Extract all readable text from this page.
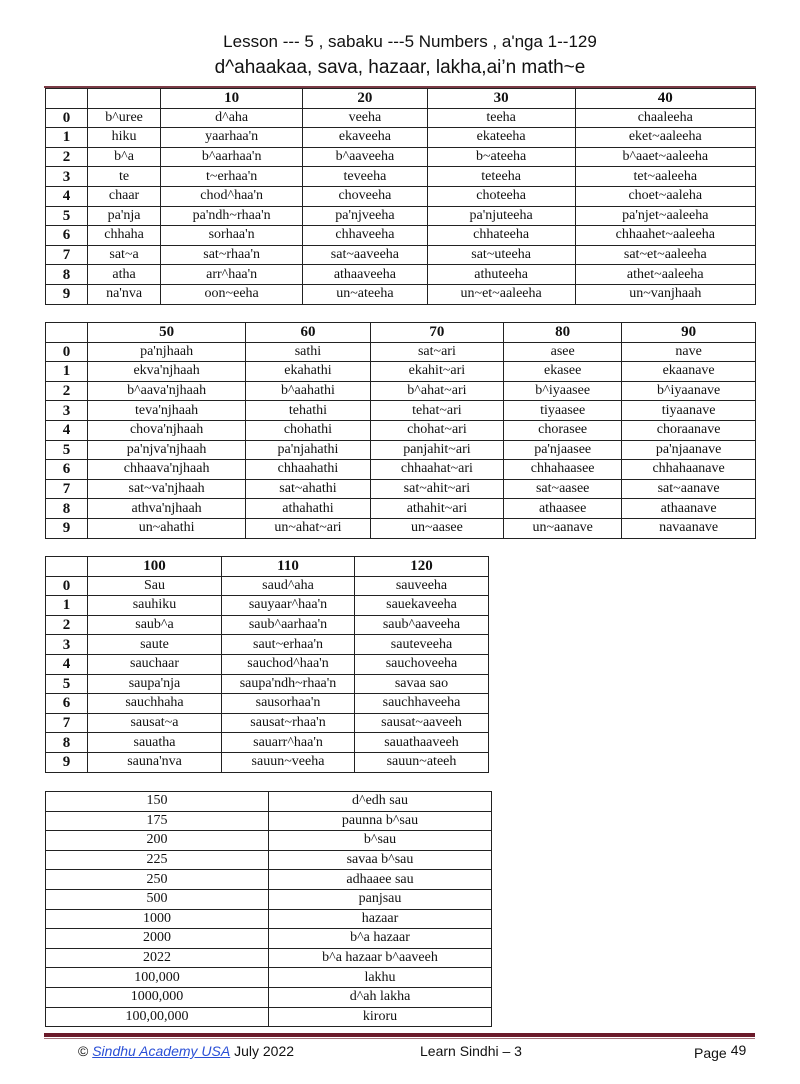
Lesson --- 5 , sabaku ---5 Numbers , a'nga 1--129
d^ahaakaa, sava, hazaar, lakha,ai’n math~e
		10	20	30	40
0	b^uree	d^aha	veeha	teeha	chaaleeha
1	hiku	yaarhaa'n	ekaveeha	ekateeha	eket~aaleeha
2	b^a	b^aarhaa'n	b^aaveeha	b~ateeha	b^aaet~aaleeha
3	te	t~erhaa'n	teveeha	teteeha	tet~aaleeha
4	chaar	chod^haa'n	choveeha	choteeha	choet~aaleha
5	pa'nja	pa'ndh~rhaa'n	pa'njveeha	pa'njuteeha	pa'njet~aaleeha
6	chhaha	sorhaa'n	chhaveeha	chhateeha	chhaahet~aaleeha
7	sat~a	sat~rhaa'n	sat~aaveeha	sat~uteeha	sat~et~aaleeha
8	atha	arr^haa'n	athaaveeha	athuteeha	athet~aaleeha
9	na'nva	oon~eeha	un~ateeha	un~et~aaleeha	un~vanjhaah
	50	60	70	80	90
0	pa'njhaah	sathi	sat~ari	asee	nave
1	ekva'njhaah	ekahathi	ekahit~ari	ekasee	ekaanave
2	b^aava'njhaah	b^aahathi	b^ahat~ari	b^iyaasee	b^iyaanave
3	teva'njhaah	tehathi	tehat~ari	tiyaasee	tiyaanave
4	chova'njhaah	chohathi	chohat~ari	chorasee	choraanave
5	pa'njva'njhaah	pa'njahathi	panjahit~ari	pa'njaasee	pa'njaanave
6	chhaava'njhaah	chhaahathi	chhaahat~ari	chhahaasee	chhahaanave
7	sat~va'njhaah	sat~ahathi	sat~ahit~ari	sat~aasee	sat~aanave
8	athva'njhaah	athahathi	athahit~ari	athaasee	athaanave
9	un~ahathi	un~ahat~ari	un~aasee	un~aanave	navaanave
	100	110	120
0	Sau	saud^aha	sauveeha
1	sauhiku	sauyaar^haa'n	sauekaveeha
2	saub^a	saub^aarhaa'n	saub^aaveeha
3	saute	saut~erhaa'n	sauteveeha
4	sauchaar	sauchod^haa'n	sauchoveeha
5	saupa'nja	saupa'ndh~rhaa'n	savaa sao
6	sauchhaha	sausorhaa'n	sauchhaveeha
7	sausat~a	sausat~rhaa'n	sausat~aaveeh
8	sauatha	sauarr^haa'n	sauathaaveeh
9	sauna'nva	sauun~veeha	sauun~ateeh
150	d^edh sau
175	paunna b^sau
200	b^sau
225	savaa b^sau
250	adhaaee sau
500	panjsau
1000	hazaar
2000	b^a hazaar
2022	b^a hazaar b^aaveeh
100,000	lakhu
1000,000	d^ah lakha
100,00,000	kiroru
© Sindhu Academy USA July 2022	Learn Sindhi – 3	Page 49
